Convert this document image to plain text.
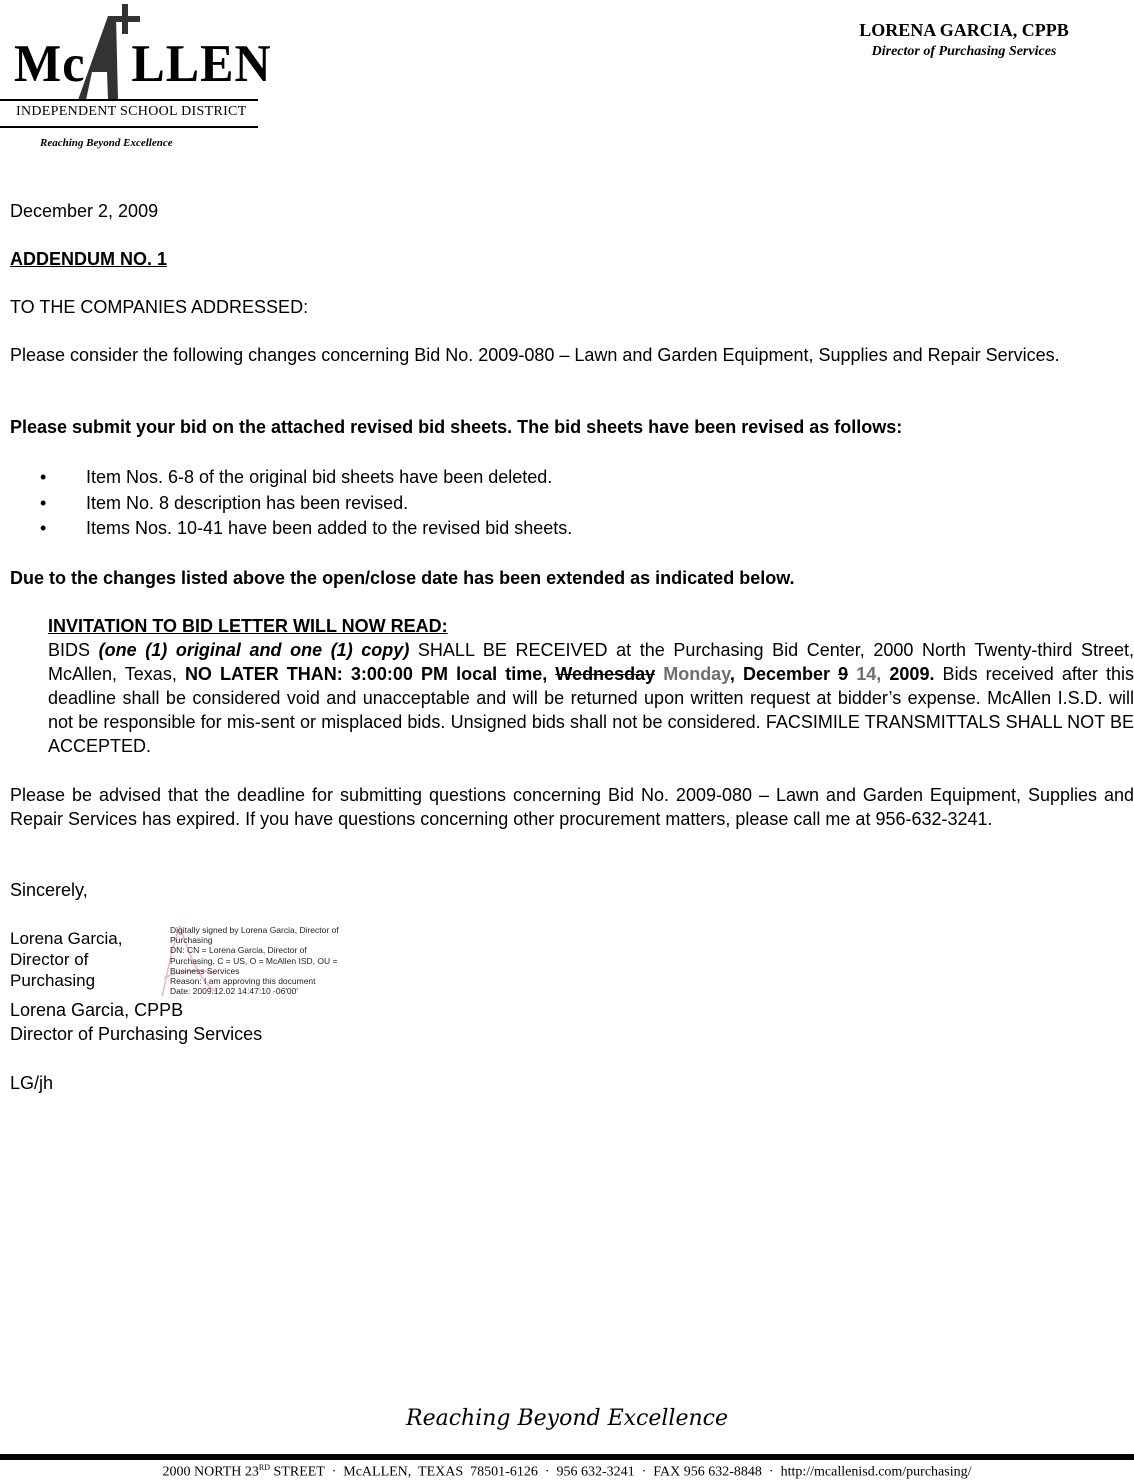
Mc LLEN
INDEPENDENT SCHOOL DISTRICT
Reaching Beyond Excellence
LORENA GARCIA, CPPB
Director of Purchasing Services
December 2, 2009
ADDENDUM NO. 1
TO THE COMPANIES ADDRESSED:
Please consider the following changes concerning Bid No. 2009-080 – Lawn and Garden Equipment, Supplies and Repair Services.
Please submit your bid on the attached revised bid sheets. The bid sheets have been revised as follows:
• Item Nos. 6-8 of the original bid sheets have been deleted.
• Item No. 8 description has been revised.
• Items Nos. 10-41 have been added to the revised bid sheets.
Due to the changes listed above the open/close date has been extended as indicated below.
INVITATION TO BID LETTER WILL NOW READ:
BIDS (one (1) original and one (1) copy) SHALL BE RECEIVED at the Purchasing Bid Center, 2000 North Twenty-third Street, McAllen, Texas, NO LATER THAN: 3:00:00 PM local time, Wednesday Monday, December 9 14, 2009. Bids received after this deadline shall be considered void and unacceptable and will be returned upon written request at bidder’s expense. McAllen I.S.D. will not be responsible for mis-sent or misplaced bids. Unsigned bids shall not be considered. FACSIMILE TRANSMITTALS SHALL NOT BE ACCEPTED.
Please be advised that the deadline for submitting questions concerning Bid No. 2009-080 – Lawn and Garden Equipment, Supplies and Repair Services has expired. If you have questions concerning other procurement matters, please call me at 956-632-3241.
Sincerely,
Lorena Garcia,
Director of
Purchasing
Digitally signed by Lorena Garcia, Director of
Purchasing
DN: CN = Lorena Garcia, Director of
Purchasing, C = US, O = McAllen ISD, OU =
Business Services
Reason: I am approving this document
Date: 2009.12.02 14:47:10 -06'00'
Lorena Garcia, CPPB
Director of Purchasing Services
LG/jh
Reaching Beyond Excellence
2000 NORTH 23RD STREET  ·  McALLEN,  TEXAS  78501-6126  ·  956 632-3241  ·  FAX 956 632-8848  ·  http://mcallenisd.com/purchasing/
